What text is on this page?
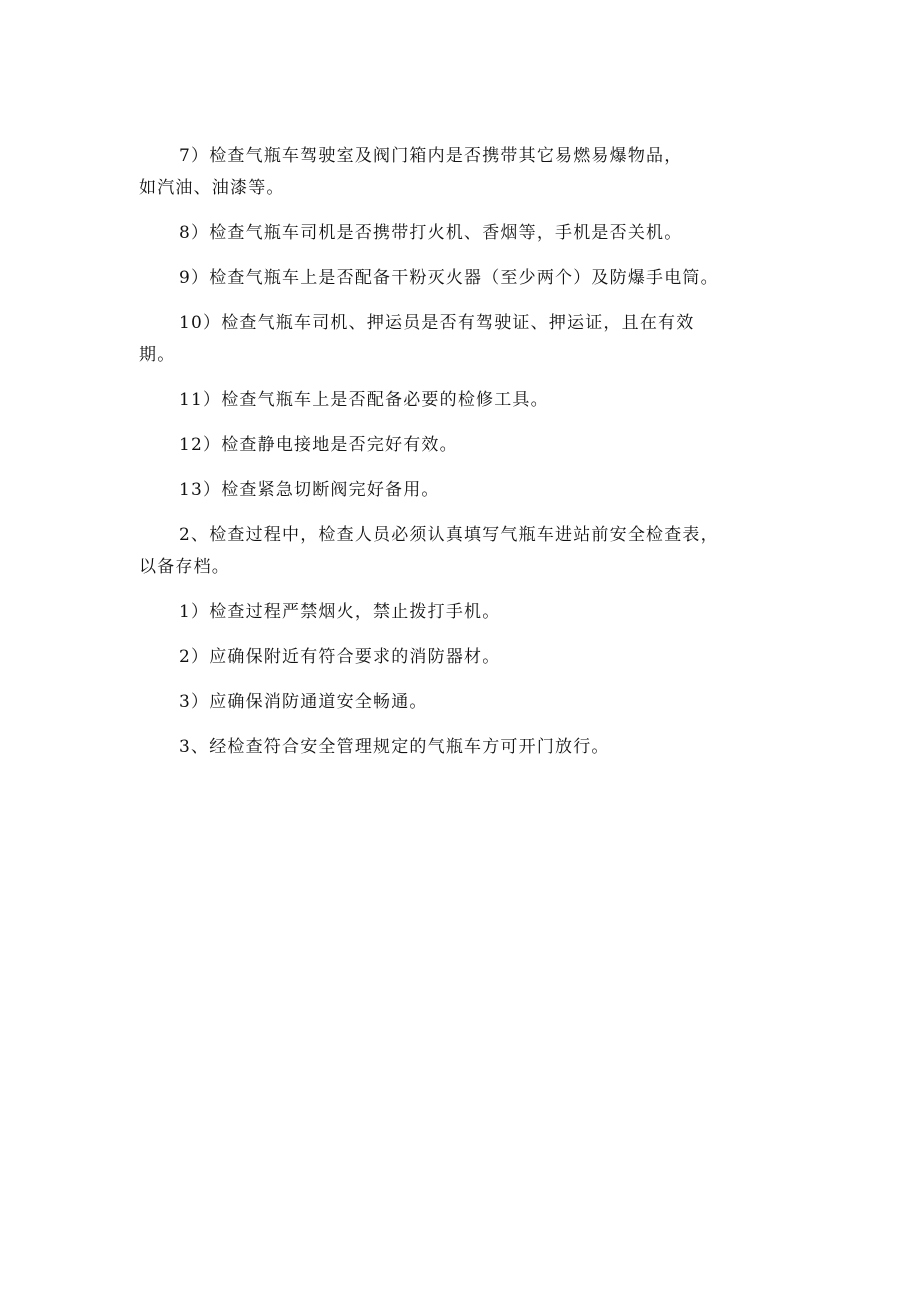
7）检查气瓶车驾驶室及阀门箱内是否携带其它易燃易爆物品，
如汽油、油漆等。

8）检查气瓶车司机是否携带打火机、香烟等，手机是否关机。

9）检查气瓶车上是否配备干粉灭火器（至少两个）及防爆手电筒。

10）检查气瓶车司机、押运员是否有驾驶证、押运证，且在有效
期。

11）检查气瓶车上是否配备必要的检修工具。

12）检查静电接地是否完好有效。

13）检查紧急切断阀完好备用。

2、检查过程中，检查人员必须认真填写气瓶车进站前安全检查表，
以备存档。

1）检查过程严禁烟火，禁止拨打手机。

2）应确保附近有符合要求的消防器材。

3）应确保消防通道安全畅通。

3、经检查符合安全管理规定的气瓶车方可开门放行。
